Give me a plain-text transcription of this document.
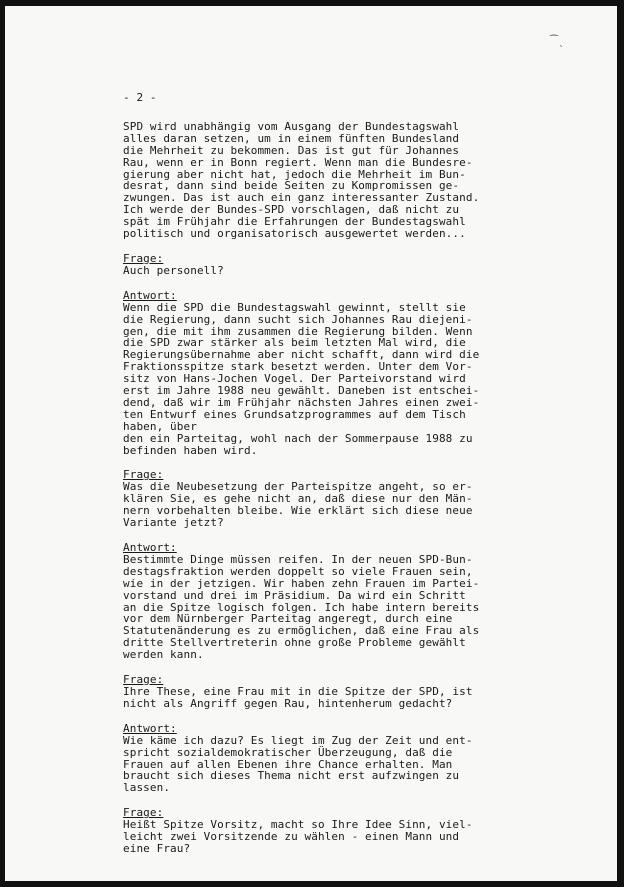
⁀ˎ
- 2 -
SPD wird unabhängig vom Ausgang der Bundestagswahl
alles daran setzen, um in einem fünften Bundesland
die Mehrheit zu bekommen. Das ist gut für Johannes
Rau, wenn er in Bonn regiert. Wenn man die Bundesre-
gierung aber nicht hat, jedoch die Mehrheit im Bun-
desrat, dann sind beide Seiten zu Kompromissen ge-
zwungen. Das ist auch ein ganz interessanter Zustand.
Ich werde der Bundes-SPD vorschlagen, daß nicht zu
spät im Frühjahr die Erfahrungen der Bundestagswahl
politisch und organisatorisch ausgewertet werden...
Frage:
Auch personell?
Antwort:
Wenn die SPD die Bundestagswahl gewinnt, stellt sie
die Regierung, dann sucht sich Johannes Rau diejeni-
gen, die mit ihm zusammen die Regierung bilden. Wenn
die SPD zwar stärker als beim letzten Mal wird, die
Regierungsübernahme aber nicht schafft, dann wird die
Fraktionsspitze stark besetzt werden. Unter dem Vor-
sitz von Hans-Jochen Vogel. Der Parteivorstand wird
erst im Jahre 1988 neu gewählt. Daneben ist entschei-
dend, daß wir im Frühjahr nächsten Jahres einen zwei-
ten Entwurf eines Grundsatzprogrammes auf dem Tisch
haben, über
den ein Parteitag, wohl nach der Sommerpause 1988 zu
befinden haben wird.
Frage:
Was die Neubesetzung der Parteispitze angeht, so er-
klären Sie, es gehe nicht an, daß diese nur den Män-
nern vorbehalten bleibe. Wie erklärt sich diese neue
Variante jetzt?
Antwort:
Bestimmte Dinge müssen reifen. In der neuen SPD-Bun-
destagsfraktion werden doppelt so viele Frauen sein,
wie in der jetzigen. Wir haben zehn Frauen im Partei-
vorstand und drei im Präsidium. Da wird ein Schritt
an die Spitze logisch folgen. Ich habe intern bereits
vor dem Nürnberger Parteitag angeregt, durch eine
Statutenänderung es zu ermöglichen, daß eine Frau als
dritte Stellvertreterin ohne große Probleme gewählt
werden kann.
Frage:
Ihre These, eine Frau mit in die Spitze der SPD, ist
nicht als Angriff gegen Rau, hintenherum gedacht?
Antwort:
Wie käme ich dazu? Es liegt im Zug der Zeit und ent-
spricht sozialdemokratischer Überzeugung, daß die
Frauen auf allen Ebenen ihre Chance erhalten. Man
braucht sich dieses Thema nicht erst aufzwingen zu
lassen.
Frage:
Heißt Spitze Vorsitz, macht so Ihre Idee Sinn, viel-
leicht zwei Vorsitzende zu wählen - einen Mann und
eine Frau?
